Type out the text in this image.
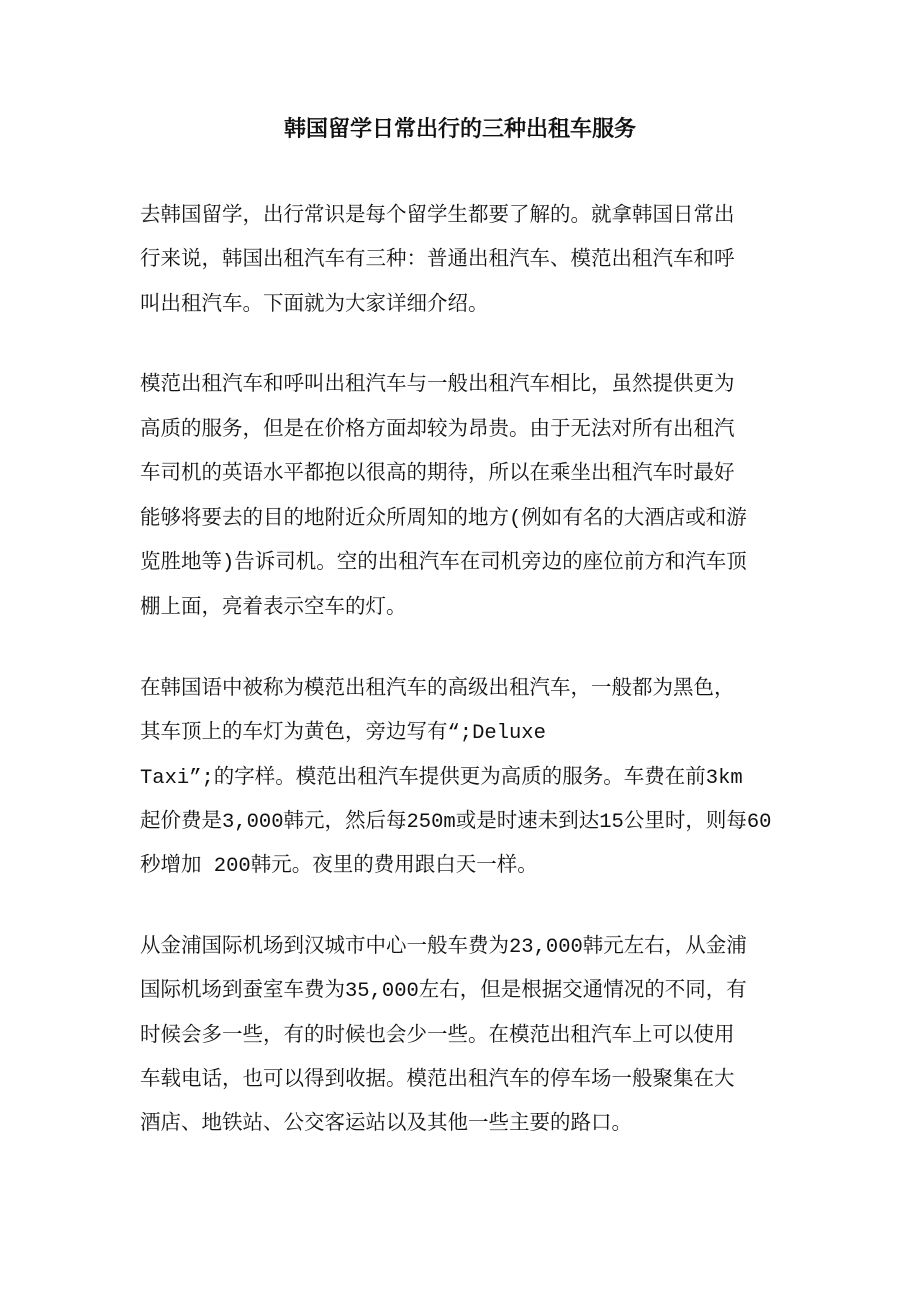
韩国留学日常出行的三种出租车服务
去韩国留学，出行常识是每个留学生都要了解的。就拿韩国日常出
行来说，韩国出租汽车有三种：普通出租汽车、模范出租汽车和呼
叫出租汽车。下面就为大家详细介绍。
模范出租汽车和呼叫出租汽车与一般出租汽车相比，虽然提供更为
高质的服务，但是在价格方面却较为昂贵。由于无法对所有出租汽
车司机的英语水平都抱以很高的期待，所以在乘坐出租汽车时最好
能够将要去的目的地附近众所周知的地方(例如有名的大酒店或和游
览胜地等)告诉司机。空的出租汽车在司机旁边的座位前方和汽车顶
棚上面，亮着表示空车的灯。
在韩国语中被称为模范出租汽车的高级出租汽车，一般都为黑色，
其车顶上的车灯为黄色，旁边写有“;Deluxe
Taxi”;的字样。模范出租汽车提供更为高质的服务。车费在前3km
起价费是3,000韩元，然后每250m或是时速未到达15公里时，则每60
秒增加 200韩元。夜里的费用跟白天一样。
从金浦国际机场到汉城市中心一般车费为23,000韩元左右，从金浦
国际机场到蚕室车费为35,000左右，但是根据交通情况的不同，有
时候会多一些，有的时候也会少一些。在模范出租汽车上可以使用
车载电话，也可以得到收据。模范出租汽车的停车场一般聚集在大
酒店、地铁站、公交客运站以及其他一些主要的路口。
